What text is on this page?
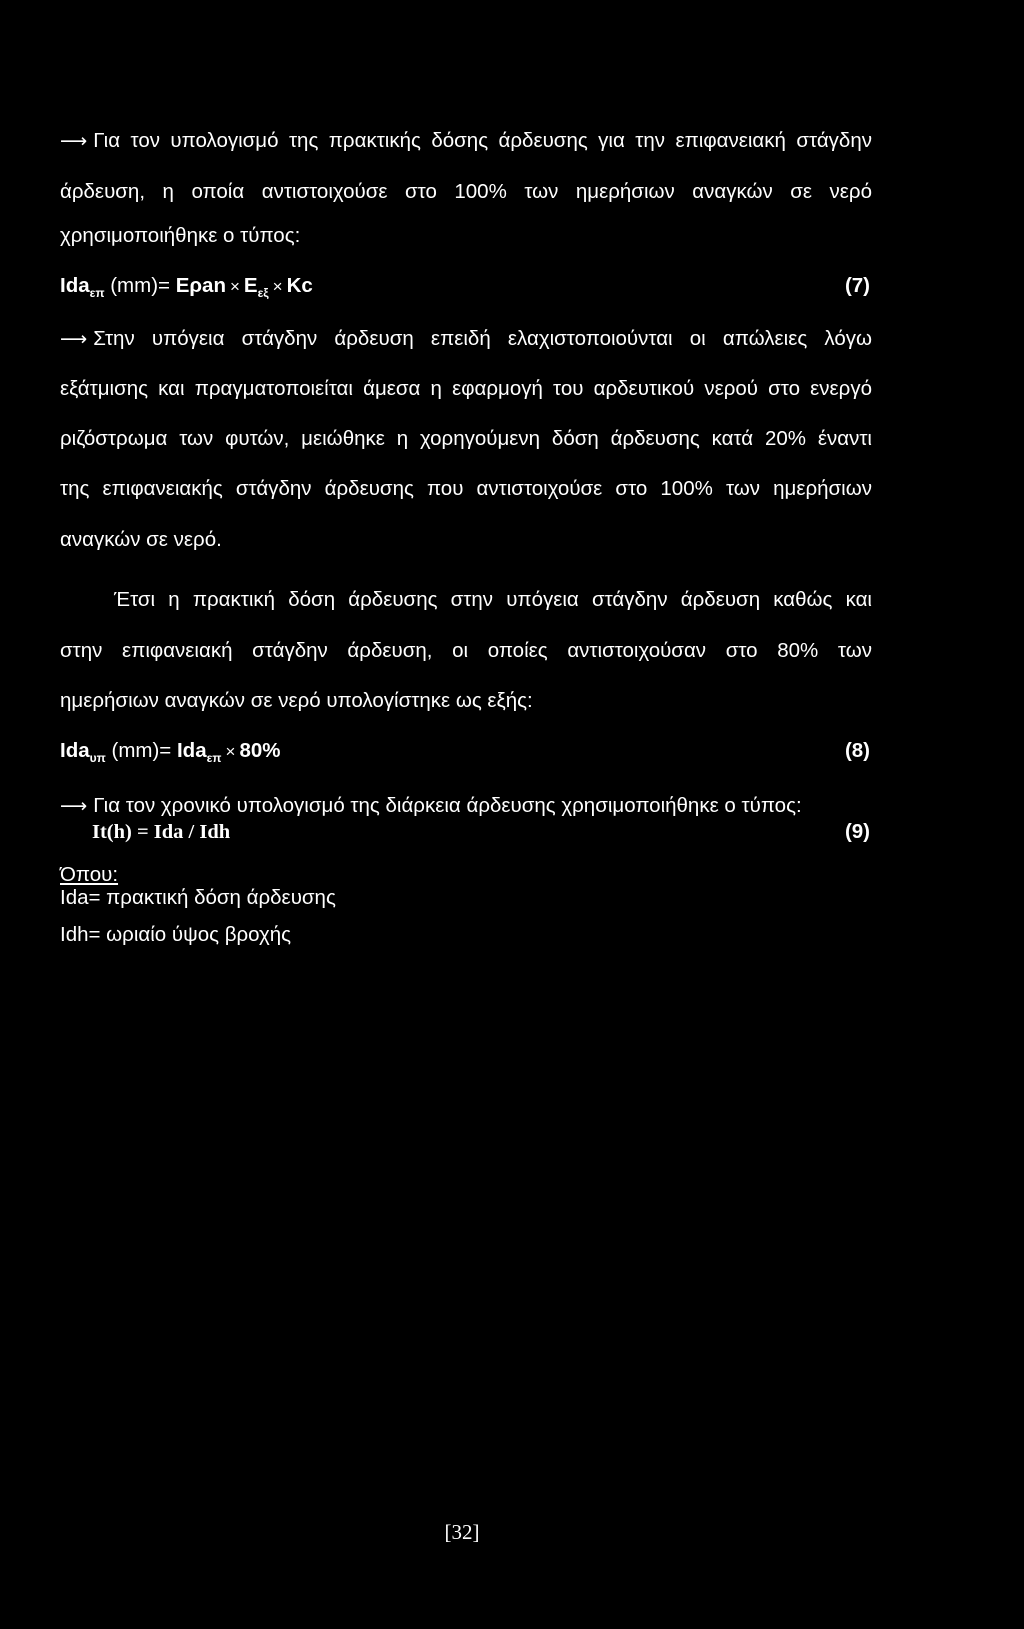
⟶ Για τον υπολογισμό της πρακτικής δόσης άρδευσης για την επιφανειακή στάγδην
άρδευση, η οποία αντιστοιχούσε στο 100% των ημερήσιων αναγκών σε νερό
χρησιμοποιήθηκε ο τύπος:
Ida$_{\varepsilon\pi}$ $(mm)= E\rho an \times E_{\varepsilon\xi} \times Kc$	(7)
⟶ Στην υπόγεια στάγδην άρδευση επειδή ελαχιστοποιούνται οι απώλειες λόγω
εξάτμισης και πραγματοποιείται άμεσα η εφαρμογή του αρδευτικού νερού στο ενεργό
ριζόστρωμα των φυτών, μειώθηκε η χορηγούμενη δόση άρδευσης κατά 20% έναντι
της επιφανειακής στάγδην άρδευσης που αντιστοιχούσε στο 100% των ημερήσιων
αναγκών σε νερό.
Έτσι η πρακτική δόση άρδευσης στην υπόγεια στάγδην άρδευση καθώς και
στην επιφανειακή στάγδην άρδευση, οι οποίες αντιστοιχούσαν στο 80% των
ημερήσιων αναγκών σε νερό υπολογίστηκε ως εξής:
Ida$_{\upsilon\pi}$ (mm)= Ida$_{\varepsilon\pi}$ × 80%	(8)
⟶ Για τον χρονικό υπολογισμό της διάρκεια άρδευσης χρησιμοποιήθηκε ο τύπος:
It(h) = Ida / Idh	(9)
Όπου:
Ida= πρακτική δόση άρδευσης
Idh= ωριαίο ύψος βροχής
[32]
